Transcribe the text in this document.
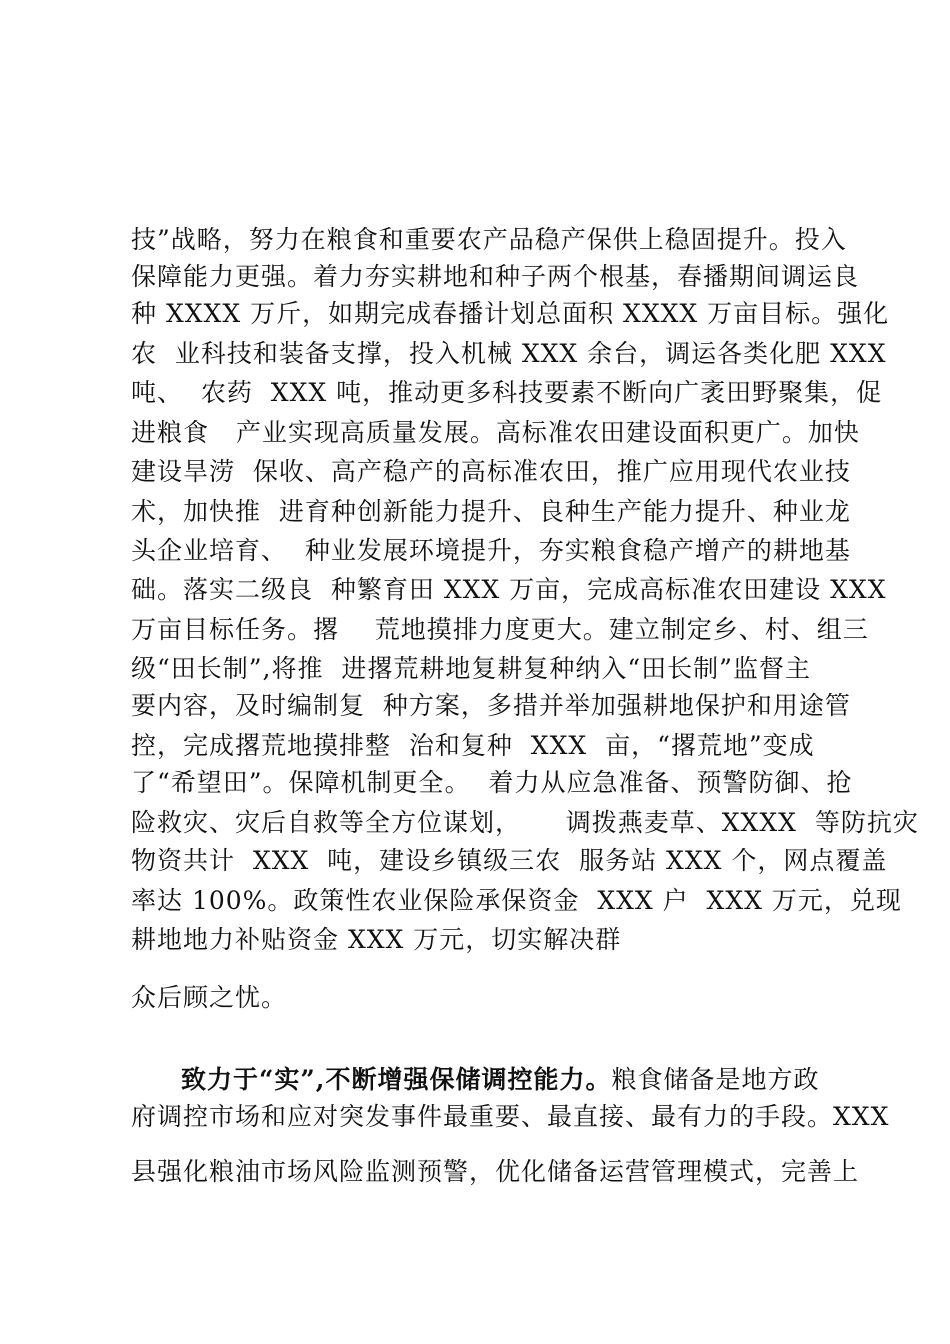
技”战略，努力在粮食和重要农产品稳产保供上稳固提升。投入
保障能力更强。着力夯实耕地和种子两个根基，春播期间调运良
种 XXXX 万斤，如期完成春播计划总面积 XXXX 万亩目标。强化
农  业科技和装备支撑，投入机械 XXX 余台，调运各类化肥 XXX
吨、  农药  XXX 吨，推动更多科技要素不断向广袤田野聚集，促
进粮食   产业实现高质量发展。高标准农田建设面积更广。加快
建设旱涝  保收、高产稳产的高标准农田，推广应用现代农业技
术，加快推  进育种创新能力提升、良种生产能力提升、种业龙
头企业培育、  种业发展环境提升，夯实粮食稳产增产的耕地基
础。落实二级良  种繁育田 XXX 万亩，完成高标准农田建设 XXX
万亩目标任务。撂    荒地摸排力度更大。建立制定乡、村、组三
级“田长制”,将推  进撂荒耕地复耕复种纳入“田长制”监督主
要内容，及时编制复  种方案，多措并举加强耕地保护和用途管
控，完成撂荒地摸排整  治和复种  XXX  亩，“撂荒地”变成
了“希望田”。保障机制更全。  着力从应急准备、预警防御、抢
险救灾、灾后自救等全方位谋划，     调拨燕麦草、XXXX  等防抗灾
物资共计  XXX  吨，建设乡镇级三农  服务站 XXX 个，网点覆盖
率达 100%。政策性农业保险承保资金  XXX 户  XXX 万元，兑现
耕地地力补贴资金 XXX 万元，切实解决群
众后顾之忧。
致力于“实”,不断增强保储调控能力。粮食储备是地方政
府调控市场和应对突发事件最重要、最直接、最有力的手段。XXX
县强化粮油市场风险监测预警，优化储备运营管理模式，完善上
